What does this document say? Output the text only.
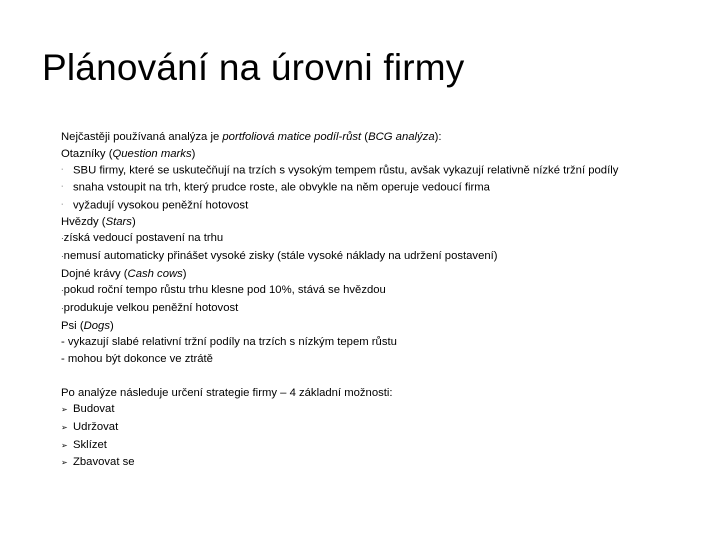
Plánování na úrovni firmy
Nejčastěji používaná analýza je portfoliová matice podíl-růst (BCG analýza):
Otazníky (Question marks)
· SBU firmy, které se uskutečňují na trzích s vysokým tempem růstu, avšak vykazují relativně nízké tržní podíly
· snaha vstoupit na trh, který prudce roste, ale obvykle na něm operuje vedoucí firma
· vyžadují vysokou peněžní hotovost
Hvězdy (Stars)
·získá vedoucí postavení na trhu
·nemusí automaticky přinášet vysoké zisky (stále vysoké náklady na udržení postavení)
Dojné krávy (Cash cows)
·pokud roční tempo růstu trhu klesne pod 10%, stává se hvězdou
·produkuje velkou peněžní hotovost
Psi (Dogs)
- vykazují slabé relativní tržní podíly na trzích s nízkým tepem růstu
- mohou být dokonce ve ztrátě
Po analýze následuje určení strategie firmy – 4 základní možnosti:
➢ Budovat
➢ Udržovat
➢ Sklízet
➢ Zbavovat se
